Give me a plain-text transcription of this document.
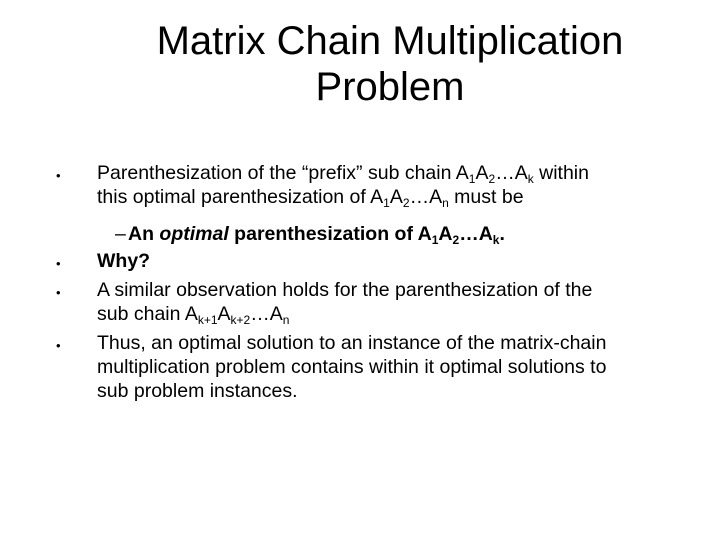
Matrix Chain Multiplication
Problem
• Parenthesization of the “prefix” sub chain $A_1A_2\dots A_k$ within
this optimal parenthesization of $A_1A_2\dots A_n$ must be
– An optimal parenthesization of $A_1A_2\dots A_k$.
• Why?
• A similar observation holds for the parenthesization of the
sub chain $A_{k+1}A_{k+2}\dots A_n$
• Thus, an optimal solution to an instance of the matrix-chain
multiplication problem contains within it optimal solutions to
sub problem instances.
